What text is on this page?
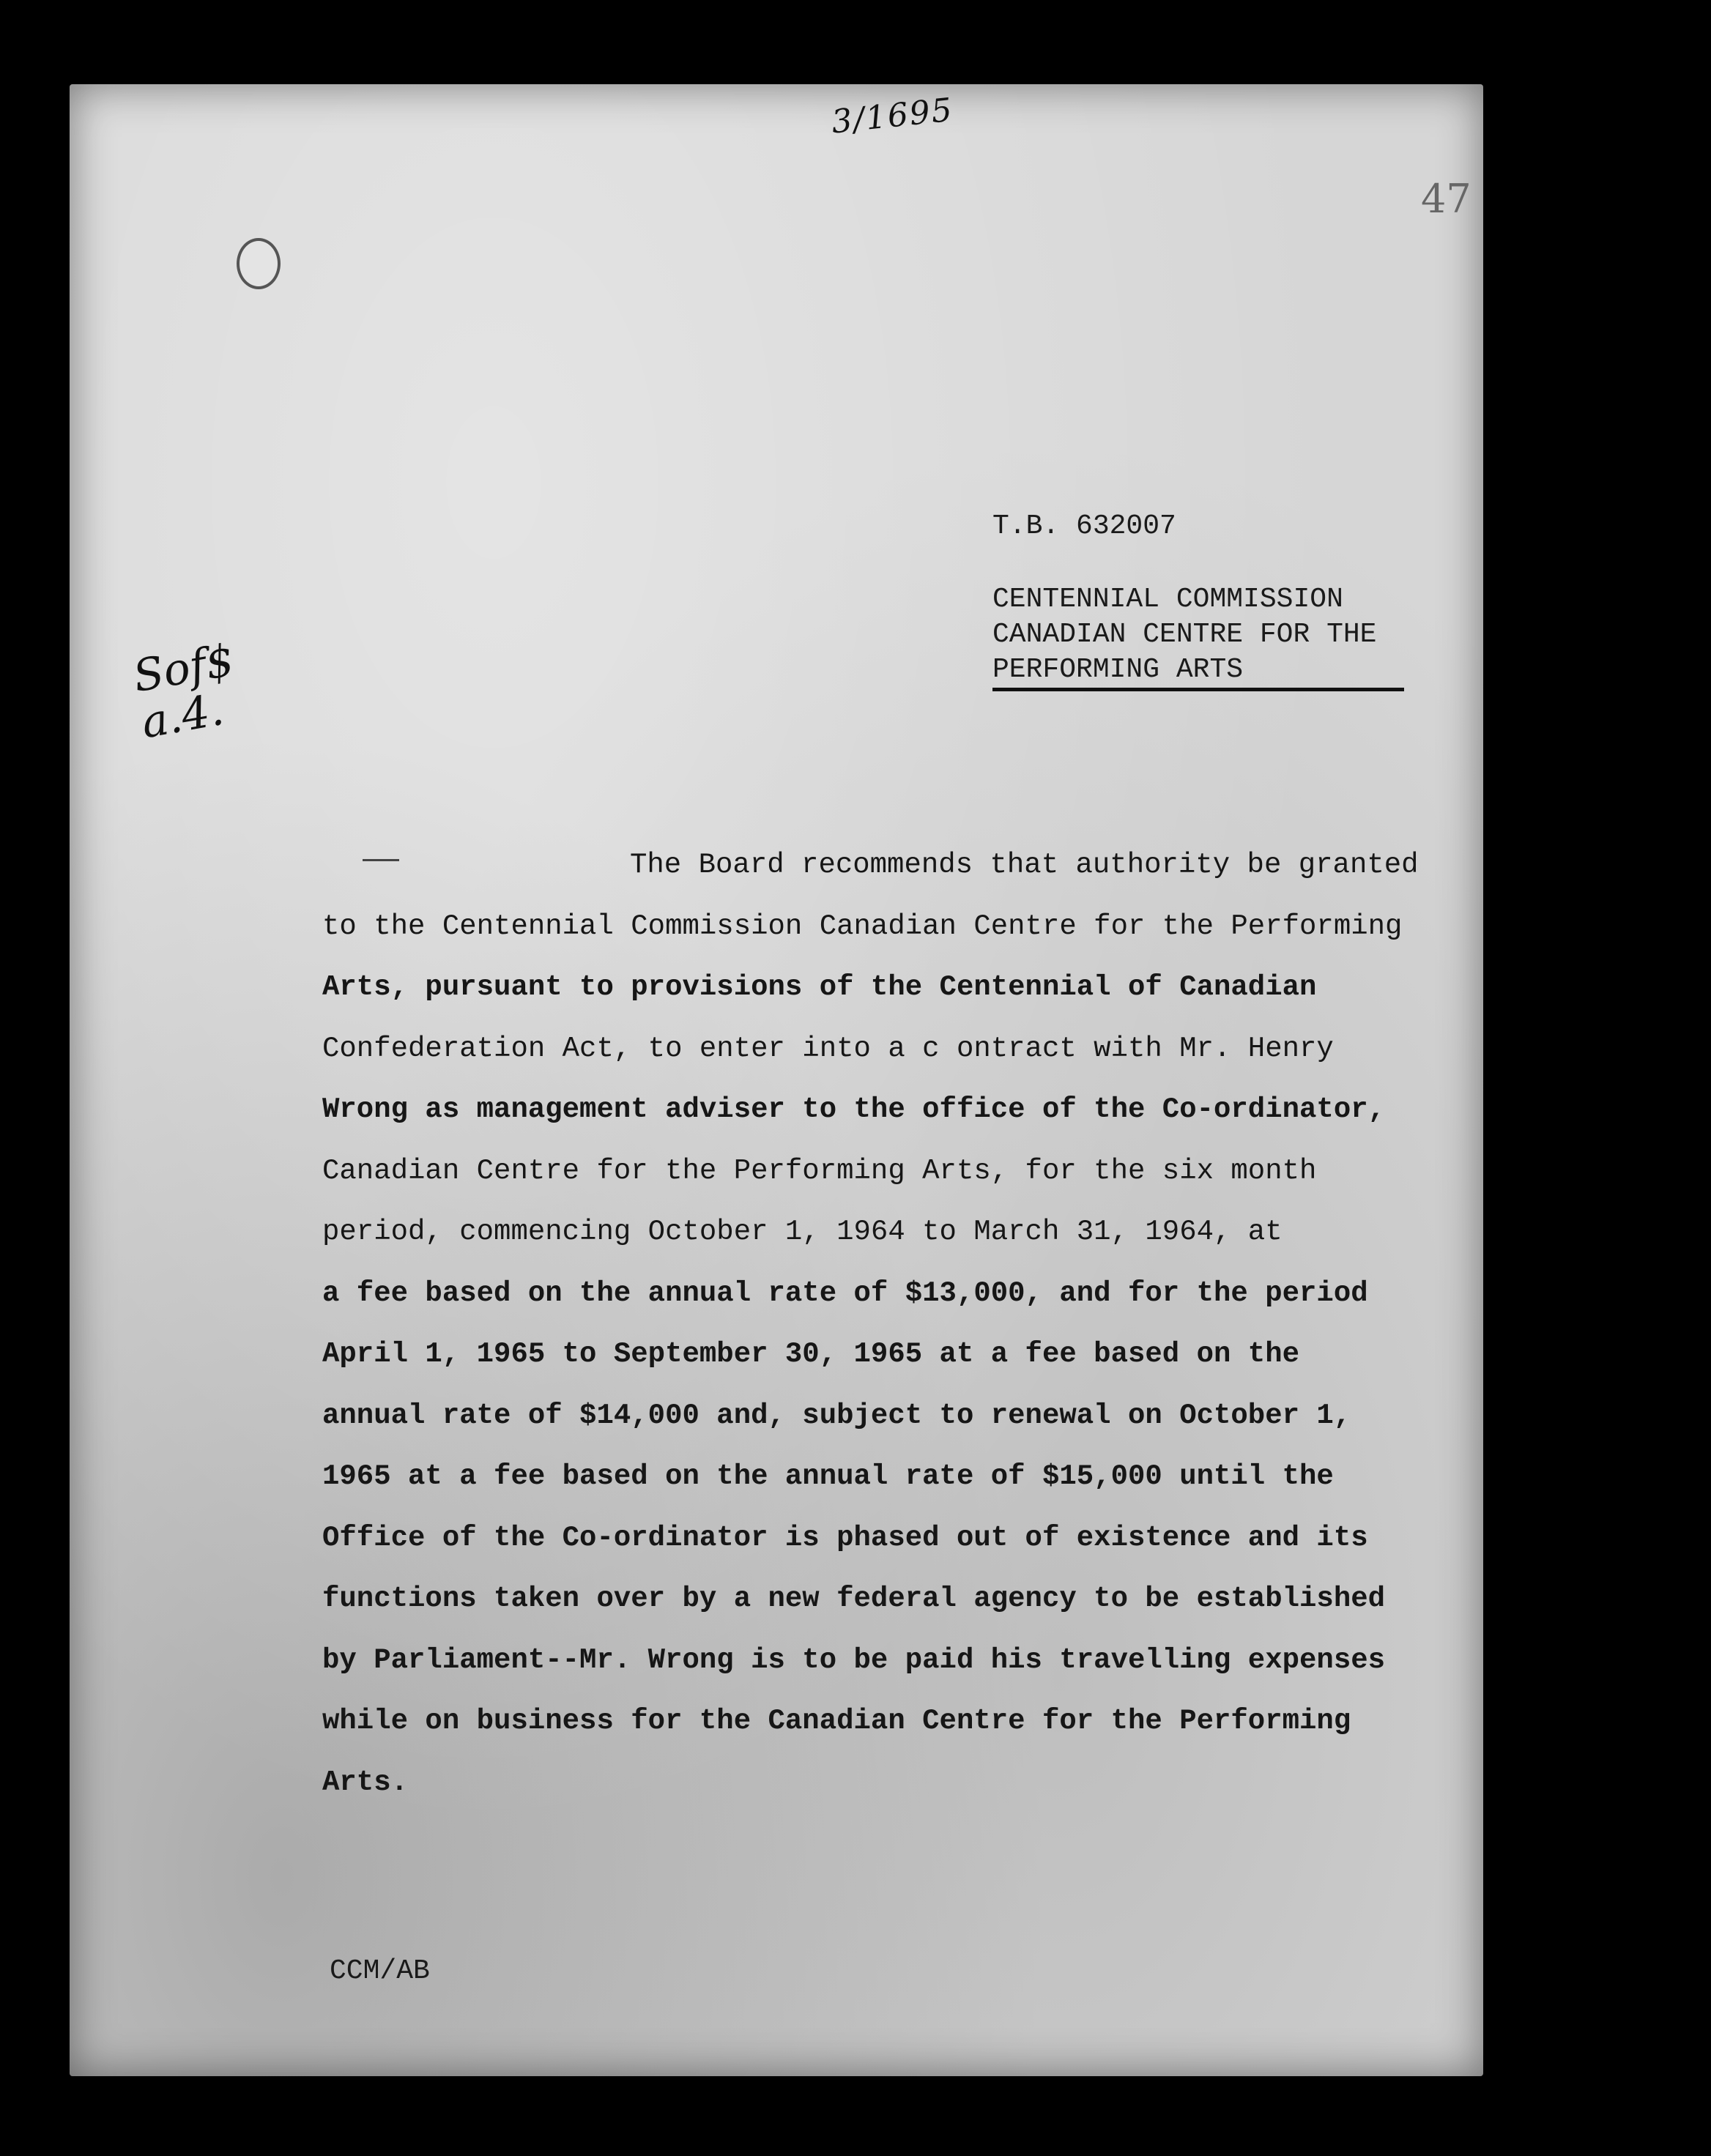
3/1695
47
Sof$
a.4.
T.B. 632007
CENTENNIAL COMMISSION
CANADIAN CENTRE FOR THE
PERFORMING ARTS
The Board recommends that authority be granted
to the Centennial Commission Canadian Centre for the Performing
Arts, pursuant to provisions of the Centennial of Canadian
Confederation Act, to enter into a c ontract with Mr. Henry
Wrong as management adviser to the office of the Co-ordinator,
Canadian Centre for the Performing Arts, for the six month
period, commencing October 1, 1964 to March 31, 1964, at
a fee based on the annual rate of $13,000, and for the period
April 1, 1965 to September 30, 1965 at a fee based on the
annual rate of $14,000 and, subject to renewal on October 1,
1965 at a fee based on the annual rate of $15,000 until the
Office of the Co-ordinator is phased out of existence and its
functions taken over by a new federal agency to be established
by Parliament--Mr. Wrong is to be paid his travelling expenses
while on business for the Canadian Centre for the Performing
Arts.
CCM/AB
